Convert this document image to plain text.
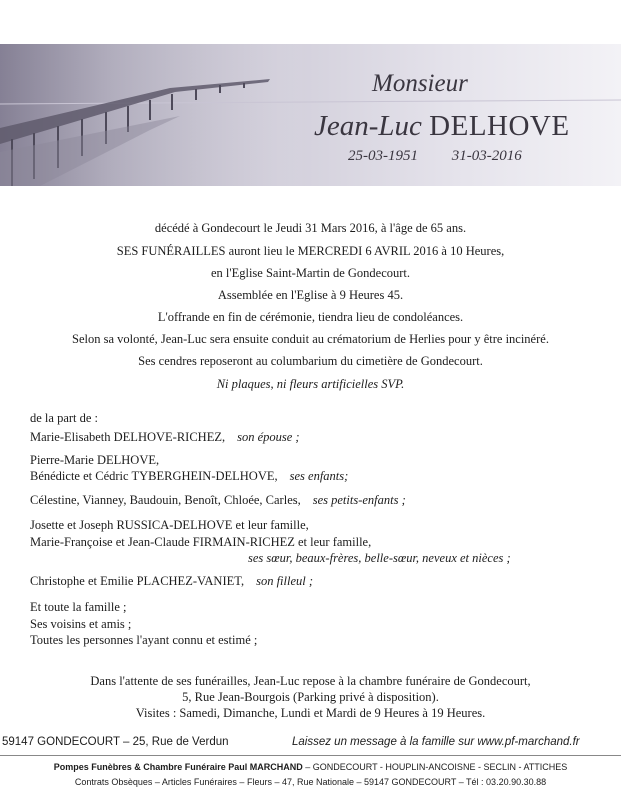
Monsieur
Jean-Luc DELHOVE
25-03-1951 31-03-2016
décédé à Gondecourt le Jeudi 31 Mars 2016, à l'âge de 65 ans.
SES FUNÉRAILLES auront lieu le MERCREDI 6 AVRIL 2016 à 10 Heures,
en l'Eglise Saint-Martin de Gondecourt.
Assemblée en l'Eglise à 9 Heures 45.
L'offrande en fin de cérémonie, tiendra lieu de condoléances.
Selon sa volonté, Jean-Luc sera ensuite conduit au crématorium de Herlies pour y être incinéré.
Ses cendres reposeront au columbarium du cimetière de Gondecourt.
Ni plaques, ni fleurs artificielles SVP.
de la part de :
Marie-Elisabeth DELHOVE-RICHEZ, son épouse ;
Pierre-Marie DELHOVE,
Bénédicte et Cédric TYBERGHEIN-DELHOVE, ses enfants;
Célestine, Vianney, Baudouin, Benoît, Chloée, Carles, ses petits-enfants ;
Josette et Joseph RUSSICA-DELHOVE et leur famille,
Marie-Françoise et Jean-Claude FIRMAIN-RICHEZ et leur famille,
ses sœur, beaux-frères, belle-sœur, neveux et nièces ;
Christophe et Emilie PLACHEZ-VANIET, son filleul ;
Et toute la famille ;
Ses voisins et amis ;
Toutes les personnes l'ayant connu et estimé ;
Dans l'attente de ses funérailles, Jean-Luc repose à la chambre funéraire de Gondecourt,
5, Rue Jean-Bourgois (Parking privé à disposition).
Visites : Samedi, Dimanche, Lundi et Mardi de 9 Heures à 19 Heures.
59147 GONDECOURT – 25, Rue de Verdun	Laissez un message à la famille sur www.pf-marchand.fr
Pompes Funèbres & Chambre Funéraire Paul MARCHAND – GONDECOURT - HOUPLIN-ANCOISNE - SECLIN - ATTICHES
Contrats Obsèques – Articles Funéraires – Fleurs – 47, Rue Nationale – 59147 GONDECOURT – Tél : 03.20.90.30.88
